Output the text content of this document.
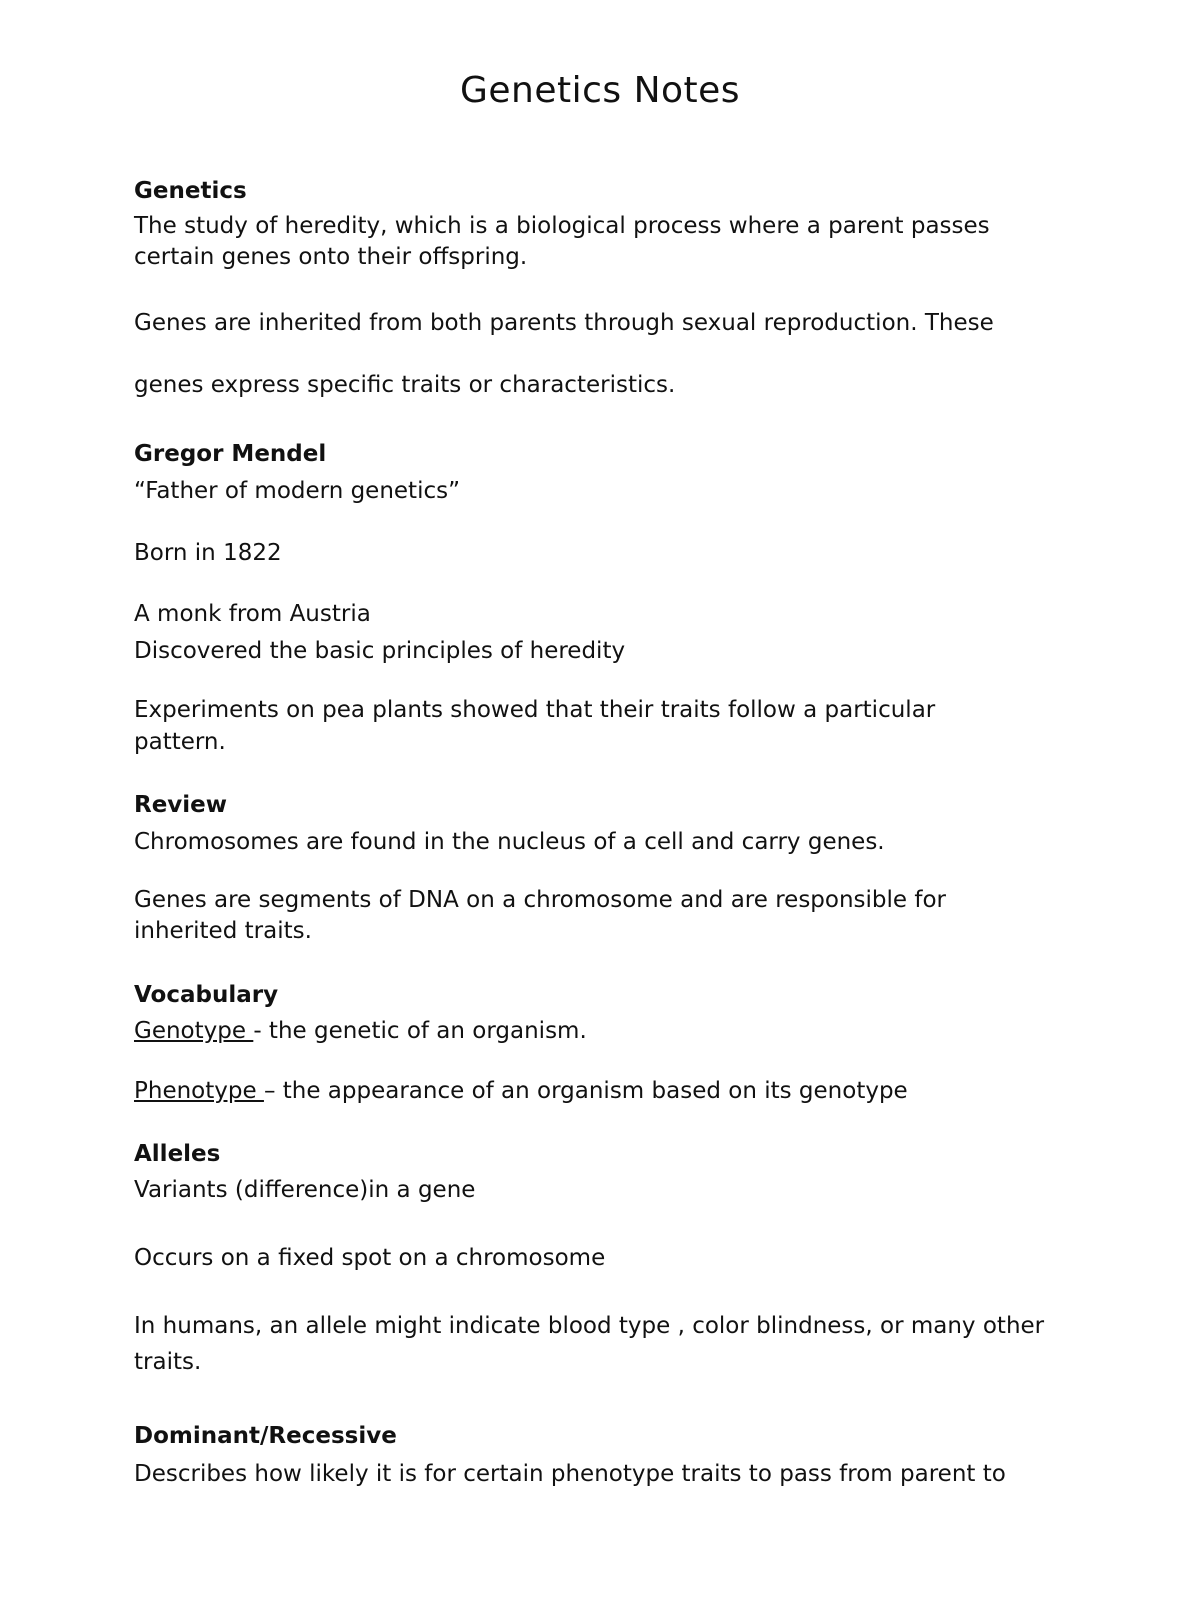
Genetics Notes

Genetics

The study of heredity, which is a biological process where a parent passes

certain genes onto their offspring.

Genes are inherited from both parents through sexual reproduction. These

genes express specific traits or characteristics.

Gregor Mendel

“Father of modern genetics”

Born in 1822

A monk from Austria

Discovered the basic principles of heredity

Experiments on pea plants showed that their traits follow a particular

pattern.

Review

Chromosomes are found in the nucleus of a cell and carry genes.

Genes are segments of DNA on a chromosome and are responsible for

inherited traits.

Vocabulary

Genotype - the genetic of an organism.

Phenotype – the appearance of an organism based on its genotype

Alleles

Variants (difference)in a gene

Occurs on a fixed spot on a chromosome

In humans, an allele might indicate blood type , color blindness, or many other

traits.

Dominant/Recessive

Describes how likely it is for certain phenotype traits to pass from parent to
